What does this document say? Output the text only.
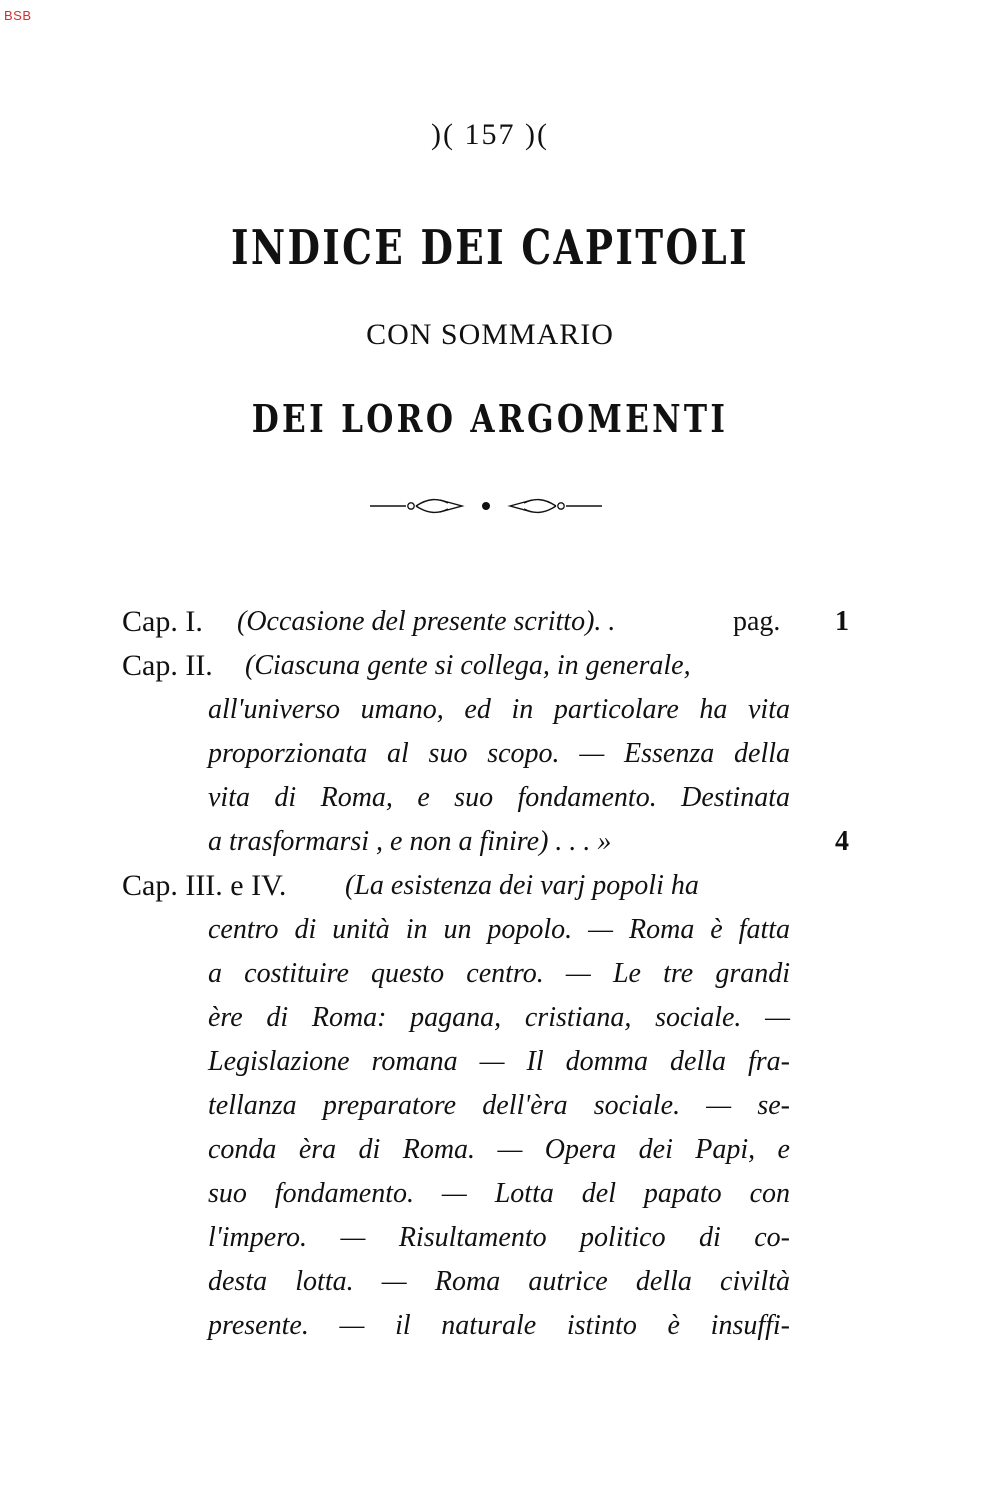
BSB
)( 157 )(
INDICE DEI CAPITOLI
CON SOMMARIO
DEI LORO ARGOMENTI
Cap. I. (Occasione del presente scritto). .	pag. 1
Cap. II. (Ciascuna gente si collega, in generale,
all'universo umano, ed in particolare ha vita
proporzionata al suo scopo. — Essenza della
vita di Roma, e suo fondamento. Destinata
a trasformarsi , e non a finire) . . . »	4
Cap. III. e IV. (La esistenza dei varj popoli ha
centro di unità in un popolo. — Roma è fatta
a costituire questo centro. — Le tre grandi
ère di Roma: pagana, cristiana, sociale. —
Legislazione romana — Il domma della fra-
tellanza preparatore dell'èra sociale. — se-
conda èra di Roma. — Opera dei Papi, e
suo fondamento. — Lotta del papato con
l'impero. — Risultamento politico di co-
desta lotta. — Roma autrice della civiltà
presente. — il naturale istinto è insuffi-
